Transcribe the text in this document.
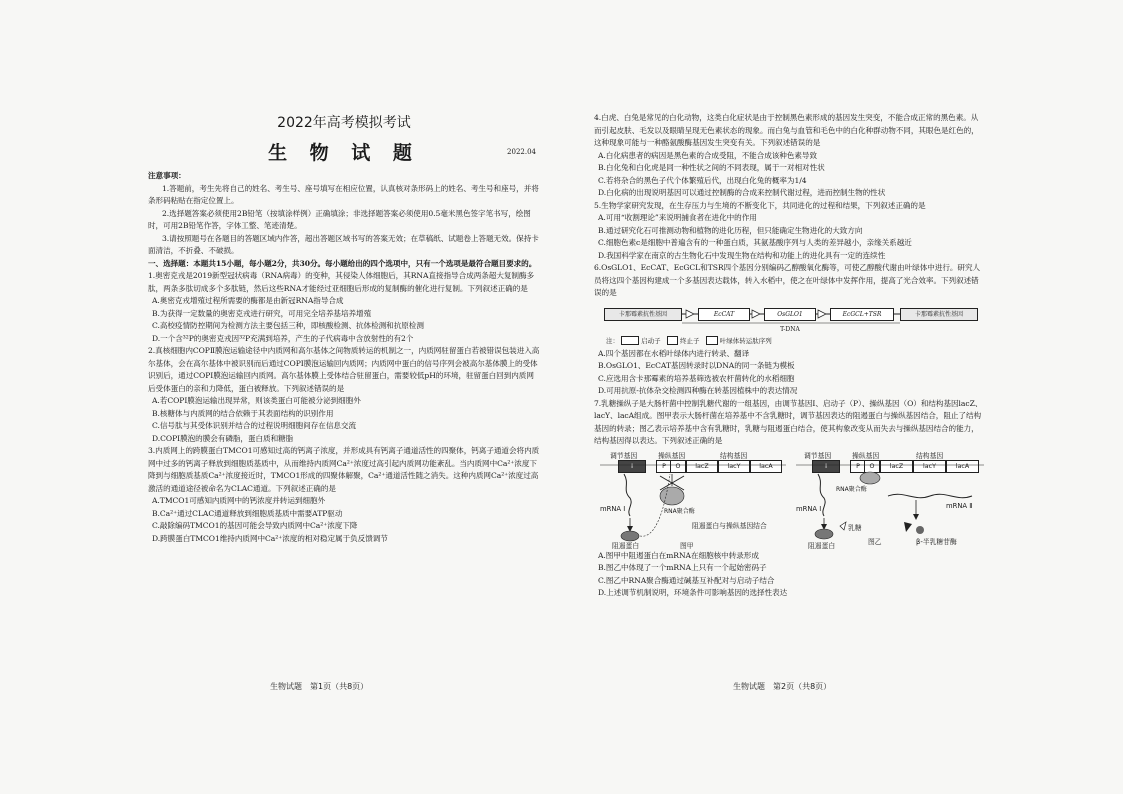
2022年高考模拟考试

生 物 试 题	2022.04

注意事项：

1.答题前，考生先将自己的姓名、考生号、座号填写在相应位置，认真核对条形码上的姓名、考生号和座号，并将条形码粘贴在指定位置上。

2.选择题答案必须使用2B铅笔（按填涂样例）正确填涂；非选择题答案必须使用0.5毫米黑色签字笔书写，绘图时，可用2B铅笔作答，字体工整、笔迹清楚。

3.请按照题号在各题目的答题区域内作答，超出答题区域书写的答案无效；在草稿纸、试题卷上答题无效。保持卡面清洁，不折叠、不破损。

一、选择题：本题共15小题，每小题2分，共30分。每小题给出的四个选项中，只有一个选项是最符合题目要求的。

1.奥密克戎是2019新型冠状病毒（RNA病毒）的变种，其侵染人体细胞后，其RNA直接指导合成两条超大复制酶多肽，两条多肽切成多个多肽链，然后这些RNA才能经过亚细胞后形成的复制酶的催化进行复制。下列叙述正确的是

A.奥密克戎增殖过程所需要的酶都是由新冠RNA指导合成

B.为获得一定数量的奥密克戎进行研究，可用完全培养基培养增殖

C.高校疫情防控期间为检测方法主要包括三种，即核酸检测、抗体检测和抗原检测

D.一个含³²P的奥密克戎因³²P充满到培养，产生的子代病毒中含放射性的有2个

2.真核细胞内COPⅡ膜泡运输途径中内质网和高尔基体之间物质转运的机制之一，内质网驻留蛋白若被错误包装进入高尔基体，会在高尔基体中被识别而后通过COPⅠ膜泡运输回内质网；内质网中蛋白的信号序列会被高尔基体膜上的受体识别后，通过COPⅠ膜泡运输回内质网。高尔基体膜上受体结合驻留蛋白，需要较低pH的环境，驻留蛋白回到内质网后受体蛋白的亲和力降低，蛋白被释放。下列叙述错误的是

A.若COPⅠ膜泡运输出现异常，则该类蛋白可能被分泌到细胞外

B.核糖体与内质网的结合依赖于其表面结构的识别作用

C.信号肽与其受体识别并结合的过程说明细胞间存在信息交流

D.COPⅠ膜泡的膜会有磷脂，蛋白质和糖脂

3.内质网上的跨膜蛋白TMCO1可感知过高的钙离子浓度，并形成具有钙离子通道活性的四聚体，钙离子通道会将内质网中过多的钙离子释放到细胞质基质中，从而维持内质网Ca²⁺浓度过高引起内质网功能紊乱。当内质网中Ca²⁺浓度下降到与细胞质基质Ca²⁺浓度接近时，TMCO1形成的四聚体解聚，Ca²⁺通道活性随之消失。这种内质网Ca²⁺浓度过高激活的通道途径被命名为CLAC通道。下列叙述正确的是

A.TMCO1可感知内质网中的钙浓度并转运到细胞外

B.Ca²⁺通过CLAC通道释放到细胞质基质中需要ATP驱动

C.敲除编码TMCO1的基因可能会导致内质网中Ca²⁺浓度下降

D.跨膜蛋白TMCO1维持内质网中Ca²⁺浓度的相对稳定属于负反馈调节

生物试题　第1页（共8页）

4.白虎、白兔是常见的白化动物，这类白化症状是由于控制黑色素形成的基因发生突变，不能合成正常的黑色素。从而引起皮肤、毛发以及眼睛呈现无色素状态的现象。而白兔与血管和毛色中的白化种群动物不同，其眼色是红色的，这种现象可能与一种酪氨酸酶基因发生突变有关。下列叙述错误的是

A.白化病患者的病因是黑色素的合成受阻，不能合成该种色素导致

B.白化兔和白化虎是同一种性状之间的不同表现，属于一对相对性状

C.若将杂合的黑色子代个体繁殖后代，出现白化兔的概率为1/4

D.白化病的出现说明基因可以通过控制酶的合成来控制代谢过程，进而控制生物的性状

5.生物学家研究发现，在生存压力与生境的不断变化下，共同进化的过程和结果，下列叙述正确的是

A.可用“收割理论”来说明捕食者在进化中的作用

B.通过研究化石可推测动物和植物的进化历程，但只能确定生物进化的大致方向

C.细胞色素c是细胞中普遍含有的一种蛋白质，其氨基酸序列与人类的差异越小，亲缘关系越近

D.我国科学家在南京的古生物化石中发现生物在结构和功能上的进化具有一定的连续性

6.OsGLO1、EcCAT、EcGCL和TSR四个基因分别编码乙醇酸氧化酶等，可使乙醇酸代谢由叶绿体中进行。研究人员将这四个基因构建成一个多基因表达载体，转入水稻中，使之在叶绿体中发挥作用，提高了光合效率。下列叙述错误的是

卡那霉素抗性基因	EcCAT	OsGLO1	EcGCL+TSR	卡那霉素抗性基因
T-DNA
注：	启动子	终止子	叶绿体转运肽序列

A.四个基因都在水稻叶绿体内进行转录、翻译

B.OsGLO1、EcCAT基因转录时以DNA的同一条链为模板

C.应选用含卡那霉素的培养基筛选被农杆菌转化的水稻细胞

D.可用抗原-抗体杂交检测四种酶在转基因植株中的表达情况

7.乳糖操纵子是大肠杆菌中控制乳糖代谢的一组基因，由调节基因I、启动子（P）、操纵基因（O）和结构基因lacZ、lacY、lacA组成。图甲表示大肠杆菌在培养基中不含乳糖时，调节基因表达的阻遏蛋白与操纵基因结合，阻止了结构基因的转录；图乙表示培养基中含有乳糖时，乳糖与阻遏蛋白结合，使其构象改变从而失去与操纵基因结合的能力，结构基因得以表达。下列叙述正确的是

调节基因	操纵基因	结构基因
I	P	O	lacZ	lacY	lacA
mRNA Ⅰ	RNA聚合酶
阻遏蛋白与操纵基因结合
阻遏蛋白	图甲
调节基因	操纵基因	结构基因
I	P	O	lacZ	lacY	lacA
RNA聚合酶
mRNA Ⅰ	mRNA Ⅱ
乳糖
阻遏蛋白	图乙	β-半乳糖苷酶

A.图甲中阻遏蛋白在mRNA在细胞核中转录形成

B.图乙中体现了一个mRNA上只有一个起始密码子

C.图乙中RNA聚合酶通过碱基互补配对与启动子结合

D.上述调节机制说明，环境条件可影响基因的选择性表达

生物试题　第2页（共8页）
